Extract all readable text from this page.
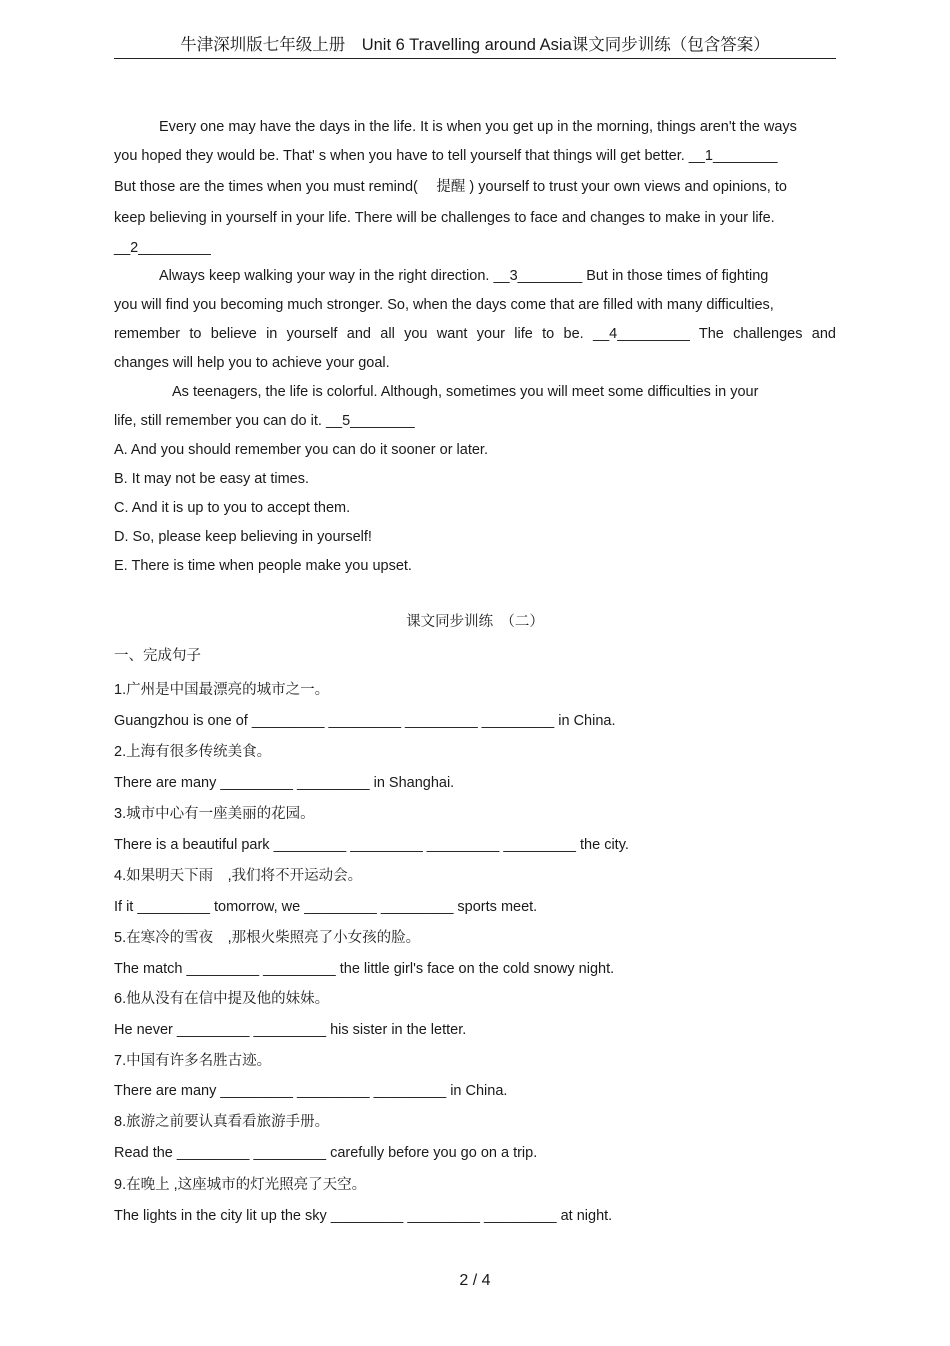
牛津深圳版七年级上册　Unit 6 Travelling around Asia课文同步训练（包含答案）
Every one may have the days in the life. It is when you get up in the morning, things aren't the ways
you hoped they would be. That' s when you have to tell yourself that things will get better. __1________
But those are the times when you must remind(　 提醒 ) yourself to trust your own views and opinions, to
keep believing in yourself in your life. There will be challenges to face and changes to make in your life.
__2_________
Always keep walking your way in the right direction. __3________ But in those times of fighting
you will find you becoming much stronger. So, when the days come that are filled with many difficulties,
remember to believe in yourself and all you want your life to be. __4_________ The challenges and
changes will help you to achieve your goal.
As teenagers, the life is colorful. Although, sometimes you will meet some difficulties in your
life, still remember you can do it. __5________
A. And you should remember you can do it sooner or later.
B. It may not be easy at times.
C. And it is up to you to accept them.
D. So, please keep believing in yourself!
E. There is time when people make you upset.
课文同步训练　（二）
一、完成句子
1.广州是中国最漂亮的城市之一。
Guangzhou is one of _________ _________ _________ _________ in China.
2.上海有很多传统美食。
There are many _________ _________ in Shanghai.
3.城市中心有一座美丽的花园。
There is a beautiful park _________ _________ _________ _________ the city.
4.如果明天下雨　,我们将不开运动会。
If it _________ tomorrow, we _________ _________ sports meet.
5.在寒冷的雪夜　,那根火柴照亮了小女孩的脸。
The match _________ _________ the little girl's face on the cold snowy night.
6.他从没有在信中提及他的妹妹。
He never _________ _________ his sister in the letter.
7.中国有许多名胜古迹。
There are many _________ _________ _________ in China.
8.旅游之前要认真看看旅游手册。
Read the _________ _________ carefully before you go on a trip.
9.在晚上 ,这座城市的灯光照亮了天空。
The lights in the city lit up the sky _________ _________ _________ at night.
2 / 4
